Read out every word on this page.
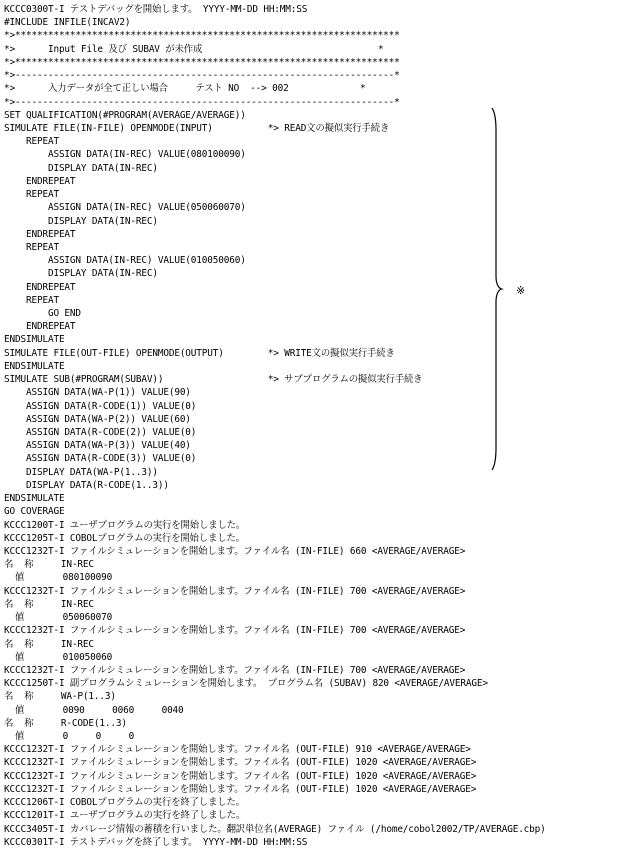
KCCC0300T-I テストデバッグを開始します。 YYYY-MM-DD HH:MM:SS
#INCLUDE INFILE(INCAV2)
*>**********************************************************************
*>      Input File 及び SUBAV が未作成                                *
*>**********************************************************************
*>---------------------------------------------------------------------*
*>      入力データが全て正しい場合     テスト NO  --> 002             *
*>---------------------------------------------------------------------*
SET QUALIFICATION(#PROGRAM(AVERAGE/AVERAGE))
SIMULATE FILE(IN-FILE) OPENMODE(INPUT)          *> READ文の擬似実行手続き
REPEAT
ASSIGN DATA(IN-REC) VALUE(080100090)
DISPLAY DATA(IN-REC)
ENDREPEAT
REPEAT
ASSIGN DATA(IN-REC) VALUE(050060070)
DISPLAY DATA(IN-REC)
ENDREPEAT
REPEAT
ASSIGN DATA(IN-REC) VALUE(010050060)
DISPLAY DATA(IN-REC)
ENDREPEAT
REPEAT
GO END
ENDREPEAT
ENDSIMULATE
SIMULATE FILE(OUT-FILE) OPENMODE(OUTPUT)        *> WRITE文の擬似実行手続き
ENDSIMULATE
SIMULATE SUB(#PROGRAM(SUBAV))                   *> サブプログラムの擬似実行手続き
ASSIGN DATA(WA-P(1)) VALUE(90)
ASSIGN DATA(R-CODE(1)) VALUE(0)
ASSIGN DATA(WA-P(2)) VALUE(60)
ASSIGN DATA(R-CODE(2)) VALUE(0)
ASSIGN DATA(WA-P(3)) VALUE(40)
ASSIGN DATA(R-CODE(3)) VALUE(0)
DISPLAY DATA(WA-P(1..3))
DISPLAY DATA(R-CODE(1..3))
ENDSIMULATE
GO COVERAGE
KCCC1200T-I ユーザプログラムの実行を開始しました。
KCCC1205T-I COBOLプログラムの実行を開始しました。
KCCC1232T-I ファイルシミュレーションを開始します。ファイル名 (IN-FILE) 660 <AVERAGE/AVERAGE>
名  称     IN-REC
値       080100090
KCCC1232T-I ファイルシミュレーションを開始します。ファイル名 (IN-FILE) 700 <AVERAGE/AVERAGE>
名  称     IN-REC
値       050060070
KCCC1232T-I ファイルシミュレーションを開始します。ファイル名 (IN-FILE) 700 <AVERAGE/AVERAGE>
名  称     IN-REC
値       010050060
KCCC1232T-I ファイルシミュレーションを開始します。ファイル名 (IN-FILE) 700 <AVERAGE/AVERAGE>
KCCC1250T-I 副プログラムシミュレーションを開始します。 プログラム名 (SUBAV) 820 <AVERAGE/AVERAGE>
名  称     WA-P(1..3)
値       0090     0060     0040
名  称     R-CODE(1..3)
値       0     0     0
KCCC1232T-I ファイルシミュレーションを開始します。ファイル名 (OUT-FILE) 910 <AVERAGE/AVERAGE>
KCCC1232T-I ファイルシミュレーションを開始します。ファイル名 (OUT-FILE) 1020 <AVERAGE/AVERAGE>
KCCC1232T-I ファイルシミュレーションを開始します。ファイル名 (OUT-FILE) 1020 <AVERAGE/AVERAGE>
KCCC1232T-I ファイルシミュレーションを開始します。ファイル名 (OUT-FILE) 1020 <AVERAGE/AVERAGE>
KCCC1206T-I COBOLプログラムの実行を終了しました。
KCCC1201T-I ユーザプログラムの実行を終了しました。
KCCC3405T-I カバレージ情報の蓄積を行いました。翻訳単位名(AVERAGE) ファイル (/home/cobol2002/TP/AVERAGE.cbp)
KCCC0301T-I テストデバッグを終了します。 YYYY-MM-DD HH:MM:SS
※
